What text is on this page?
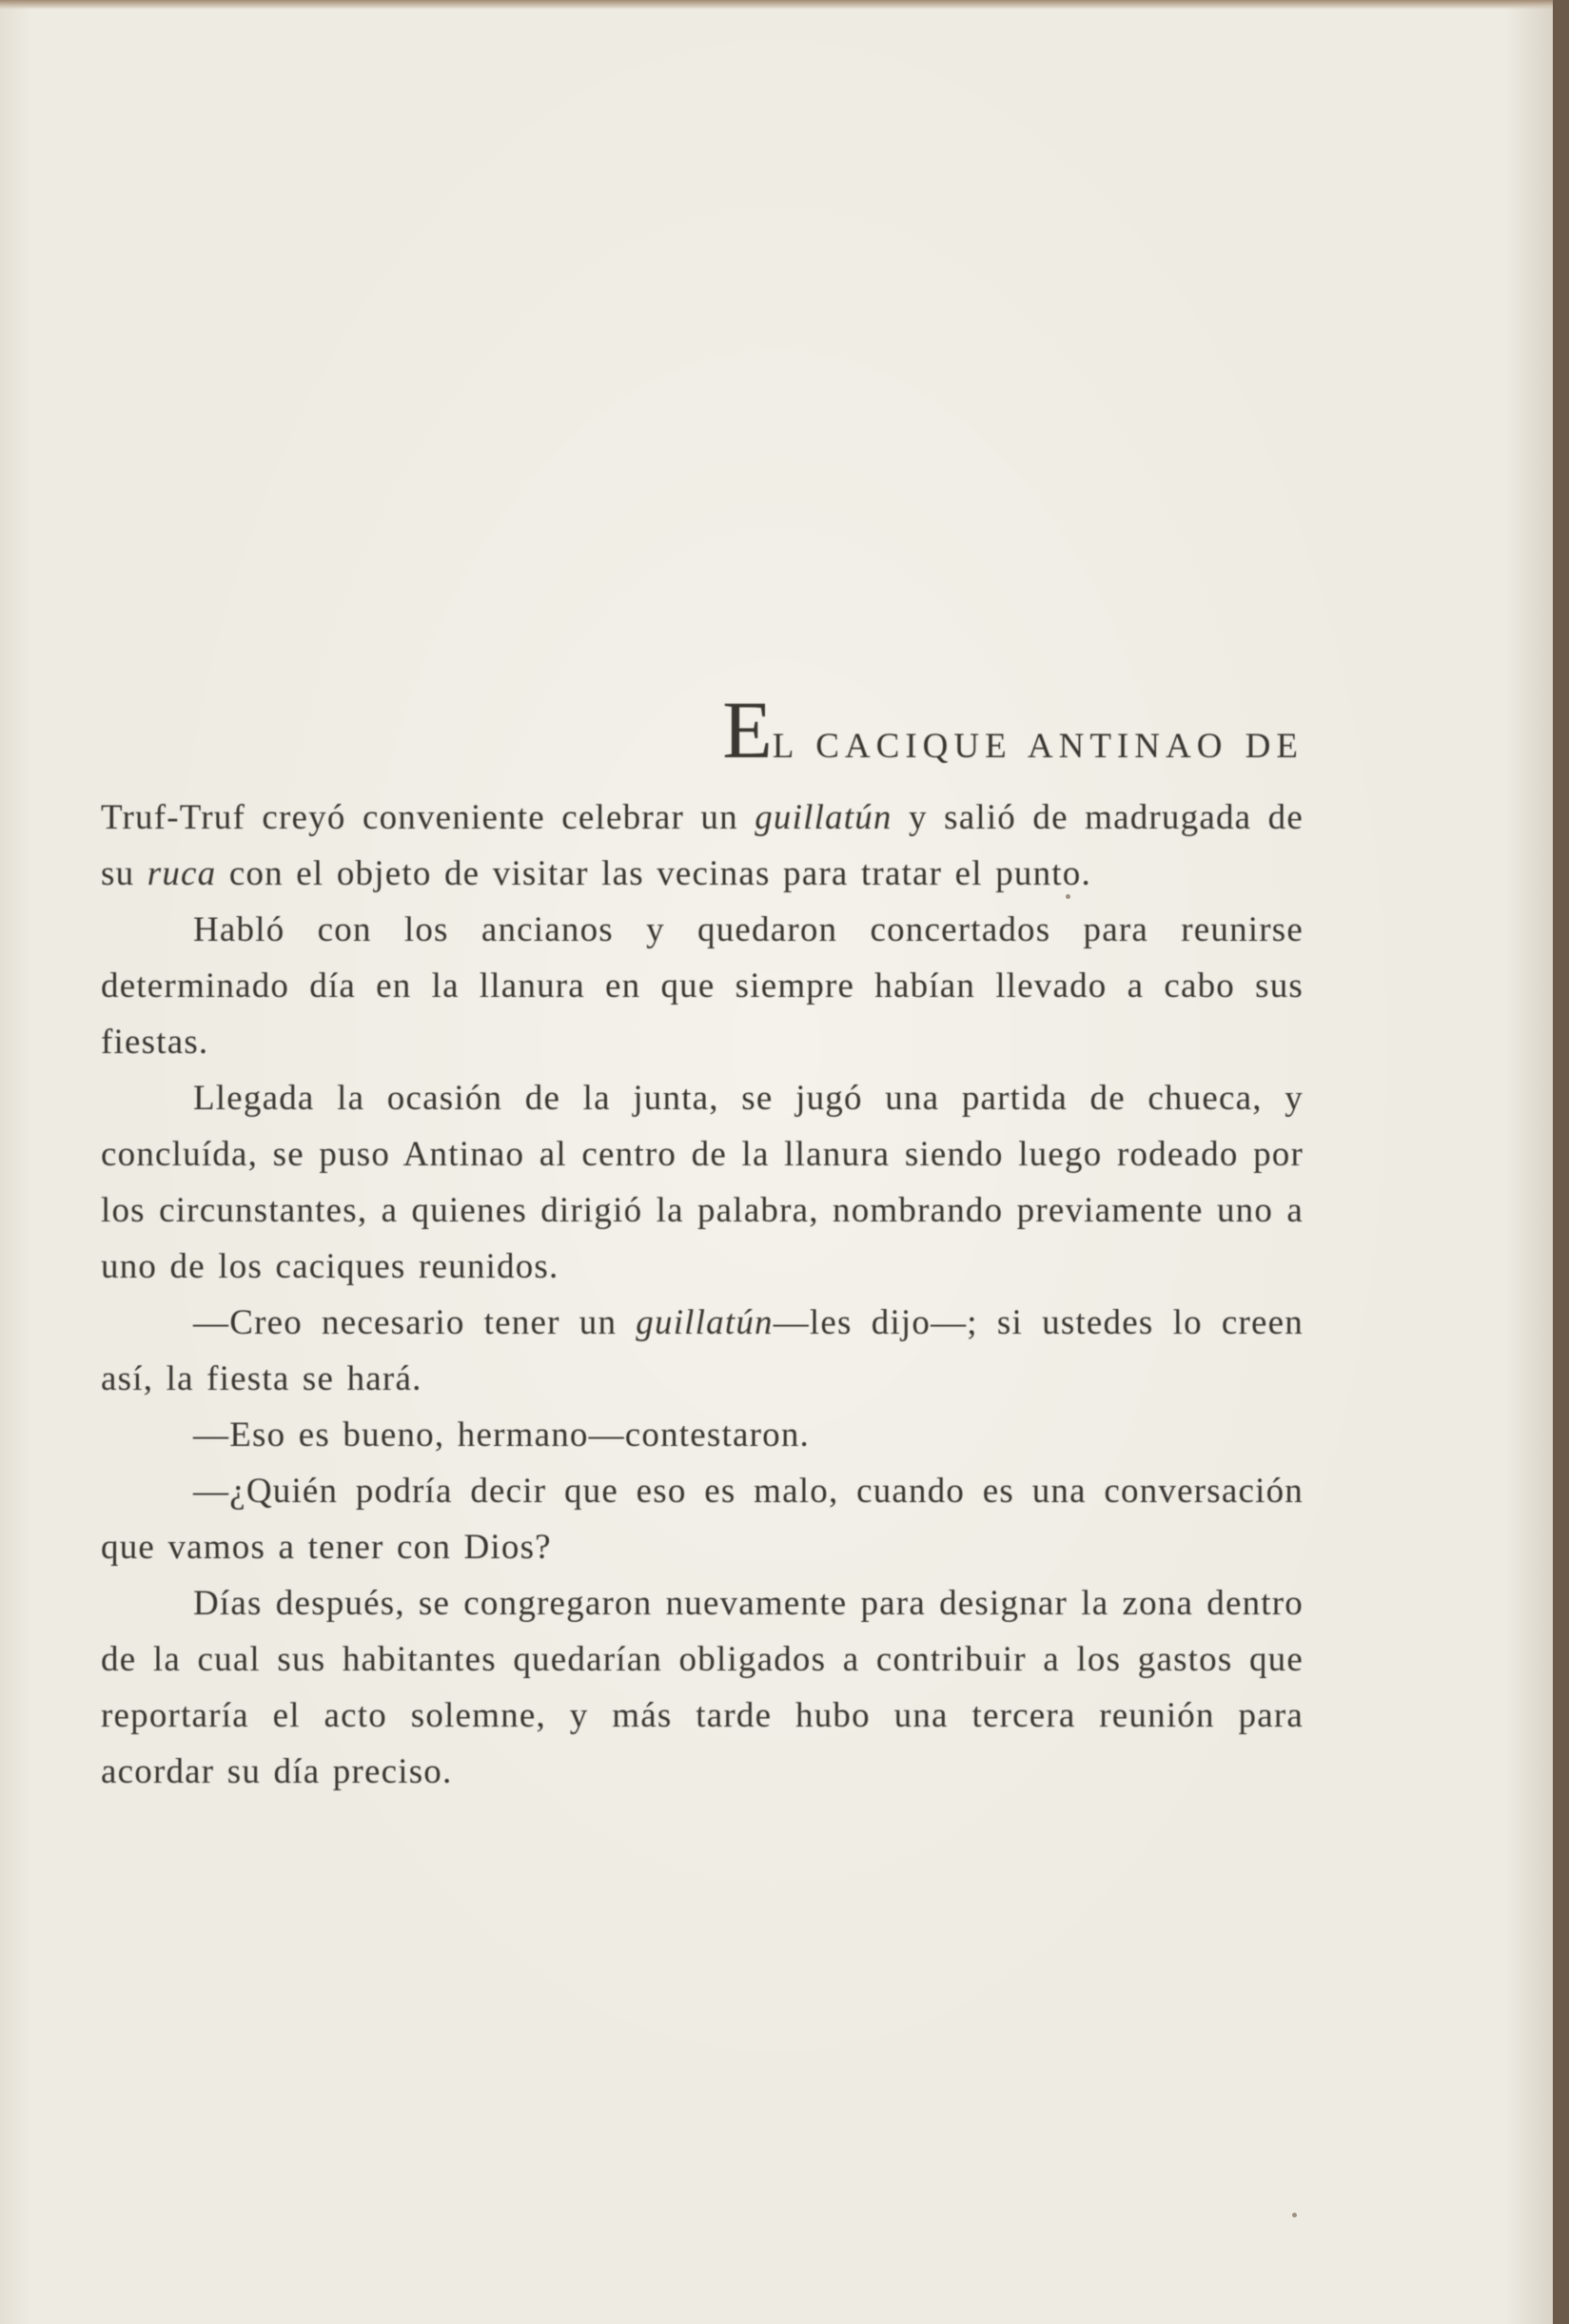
EL CACIQUE ANTINAO DE

Truf-Truf creyó conveniente celebrar un guillatún y salió de madrugada de su ruca con el objeto de visitar las vecinas para tratar el punto.

Habló con los ancianos y quedaron concertados para reunirse determinado día en la llanura en que siempre habían llevado a cabo sus fiestas.

Llegada la ocasión de la junta, se jugó una partida de chueca, y concluída, se puso Antinao al centro de la llanura siendo luego rodeado por los circunstantes, a quienes dirigió la palabra, nombrando previamente uno a uno de los caciques reunidos.

—Creo necesario tener un guillatún—les dijo—; si ustedes lo creen así, la fiesta se hará.

—Eso es bueno, hermano—contestaron.

—¿Quién podría decir que eso es malo, cuando es una conversación que vamos a tener con Dios?

Días después, se congregaron nuevamente para designar la zona dentro de la cual sus habitantes quedarían obligados a contribuir a los gastos que reportaría el acto solemne, y más tarde hubo una tercera reunión para acordar su día preciso.
